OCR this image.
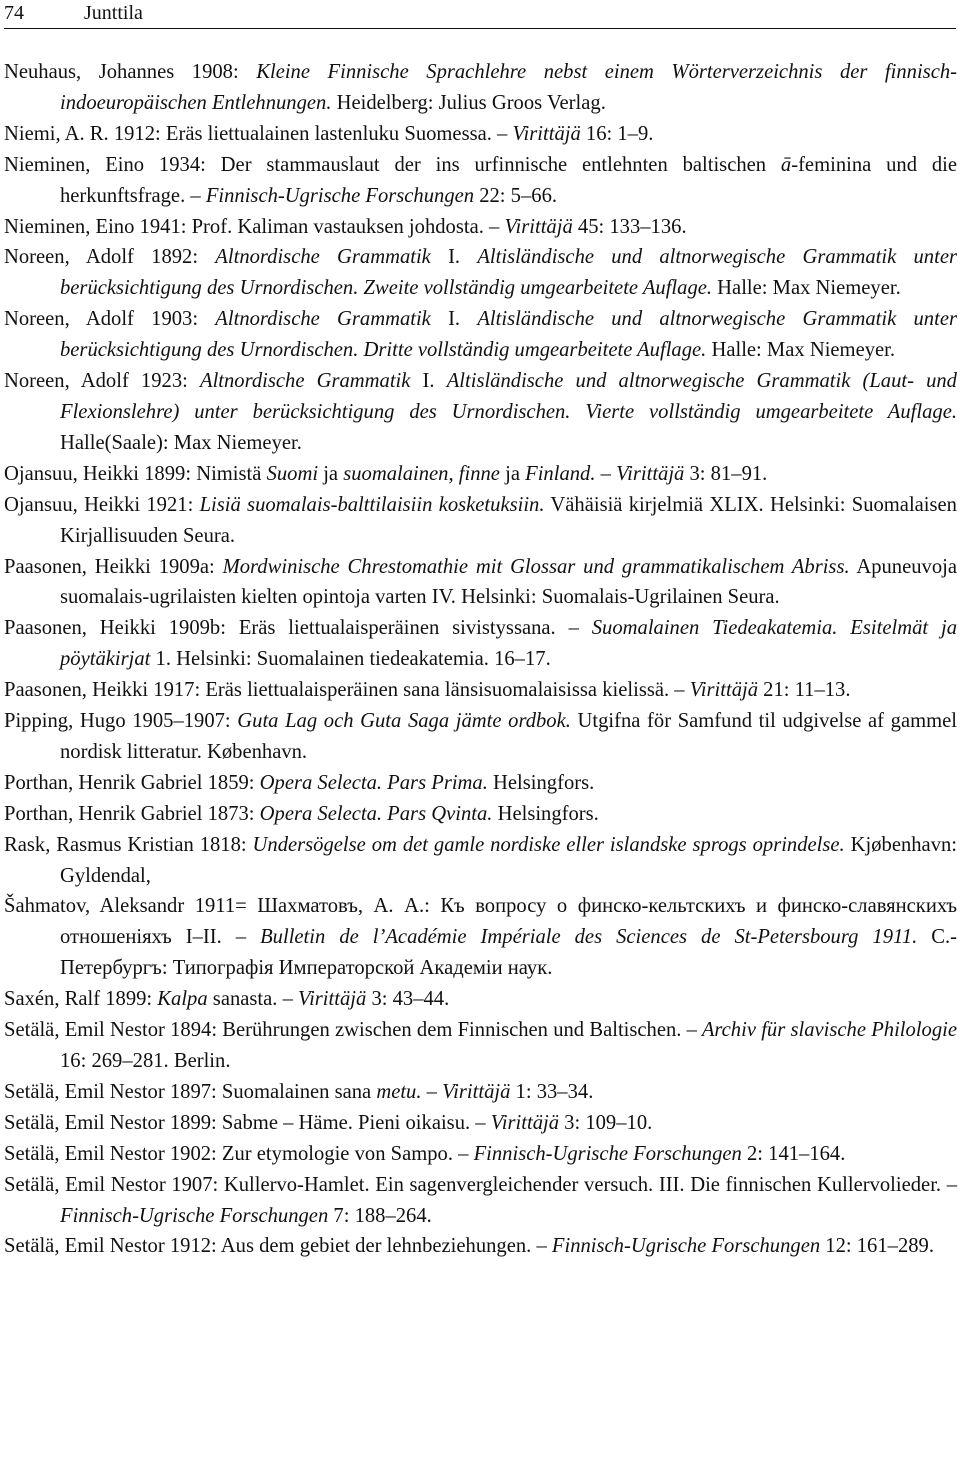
74	Junttila

Neuhaus, Johannes 1908: Kleine Finnische Sprachlehre nebst einem Wörterverzeichnis der finnisch-indoeuropäischen Entlehnungen. Heidelberg: Julius Groos Verlag.

Niemi, A. R. 1912: Eräs liettualainen lastenluku Suomessa. – Virittäjä 16: 1–9.

Nieminen, Eino 1934: Der stammauslaut der ins urfinnische entlehnten baltischen ā-feminina und die herkunftsfrage. – Finnisch-Ugrische Forschungen 22: 5–66.

Nieminen, Eino 1941: Prof. Kaliman vastauksen johdosta. – Virittäjä 45: 133–136.

Noreen, Adolf 1892: Altnordische Grammatik I. Altisländische und altnorwegische Grammatik unter berücksichtigung des Urnordischen. Zweite vollständig umgearbeitete Auflage. Halle: Max Niemeyer.

Noreen, Adolf 1903: Altnordische Grammatik I. Altisländische und altnorwegische Grammatik unter berücksichtigung des Urnordischen. Dritte vollständig umgearbeitete Auflage. Halle: Max Niemeyer.

Noreen, Adolf 1923: Altnordische Grammatik I. Altisländische und altnorwegische Grammatik (Laut- und Flexionslehre) unter berücksichtigung des Urnordischen. Vierte vollständig umgearbeitete Auflage. Halle(Saale): Max Niemeyer.

Ojansuu, Heikki 1899: Nimistä Suomi ja suomalainen, finne ja Finland. – Virittäjä 3: 81–91.

Ojansuu, Heikki 1921: Lisiä suomalais-balttilaisiin kosketuksiin. Vähäisiä kirjelmiä XLIX. Helsinki: Suomalaisen Kirjallisuuden Seura.

Paasonen, Heikki 1909a: Mordwinische Chrestomathie mit Glossar und grammatikalischem Abriss. Apuneuvoja suomalais-ugrilaisten kielten opintoja varten IV. Helsinki: Suomalais-Ugrilainen Seura.

Paasonen, Heikki 1909b: Eräs liettualaisperäinen sivistyssana. – Suomalainen Tiedeakatemia. Esitelmät ja pöytäkirjat 1. Helsinki: Suomalainen tiedeakatemia. 16–17.

Paasonen, Heikki 1917: Eräs liettualaisperäinen sana länsisuomalaisissa kielissä. – Virittäjä 21: 11–13.

Pipping, Hugo 1905–1907: Guta Lag och Guta Saga jämte ordbok. Utgifna för Samfund til udgivelse af gammel nordisk litteratur. København.

Porthan, Henrik Gabriel 1859: Opera Selecta. Pars Prima. Helsingfors.

Porthan, Henrik Gabriel 1873: Opera Selecta. Pars Qvinta. Helsingfors.

Rask, Rasmus Kristian 1818: Undersögelse om det gamle nordiske eller islandske sprogs oprindelse. Kjøbenhavn: Gyldendal,

Šahmatov, Aleksandr 1911= Шахматовъ, А. А.: Къ вопросу о финско-кельтскихъ и финско-славянскихъ отношеніяхъ I–II. – Bulletin de l’Académie Impériale des Sciences de St-Petersbourg 1911. С.-Петербургъ: Типографія Императорской Академіи наук.

Saxén, Ralf 1899: Kalpa sanasta. – Virittäjä 3: 43–44.

Setälä, Emil Nestor 1894: Berührungen zwischen dem Finnischen und Baltischen. – Archiv für slavische Philologie 16: 269–281. Berlin.

Setälä, Emil Nestor 1897: Suomalainen sana metu. – Virittäjä 1: 33–34.

Setälä, Emil Nestor 1899: Sabme – Häme. Pieni oikaisu. – Virittäjä 3: 109–10.

Setälä, Emil Nestor 1902: Zur etymologie von Sampo. – Finnisch-Ugrische Forschungen 2: 141–164.

Setälä, Emil Nestor 1907: Kullervo-Hamlet. Ein sagenvergleichender versuch. III. Die finnischen Kullervolieder. – Finnisch-Ugrische Forschungen 7: 188–264.

Setälä, Emil Nestor 1912: Aus dem gebiet der lehnbeziehungen. – Finnisch-Ugrische Forschungen 12: 161–289.
